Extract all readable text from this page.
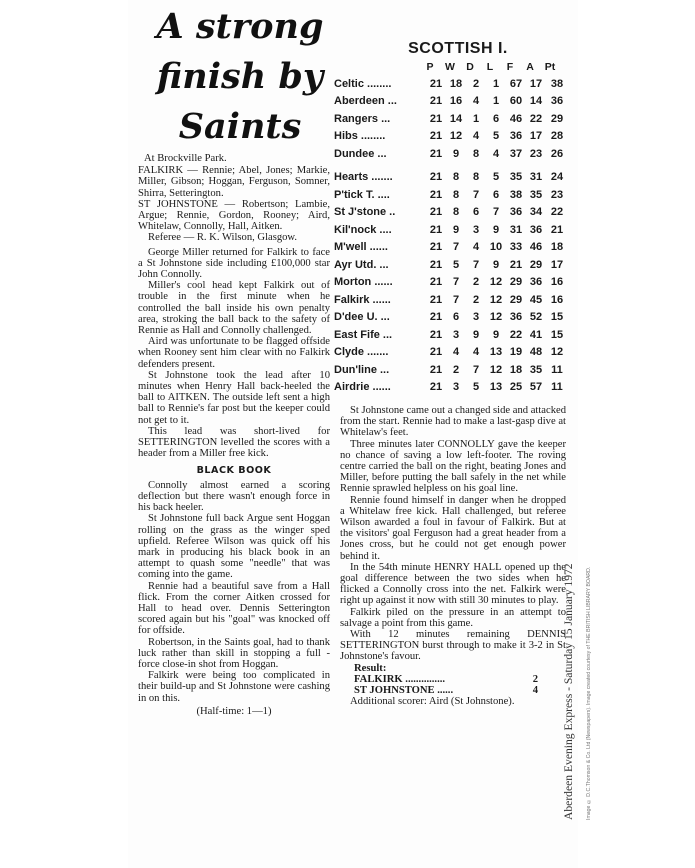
A strong finish by Saints

At Brockville Park.

FALKIRK — Rennie; Abel, Jones; Markie, Miller, Gibson; Hoggan, Ferguson, Somner, Shirra, Setterington.

ST JOHNSTONE — Robertson; Lambie, Argue; Rennie, Gordon, Rooney; Aird, Whitelaw, Connolly, Hall, Aitken.

Referee — R. K. Wilson, Glasgow.

George Miller returned for Falkirk to face a St Johnstone side including £100,000 star John Connolly.

Miller's cool head kept Falkirk out of trouble in the first minute when he controlled the ball inside his own penalty area, stroking the ball back to the safety of Rennie as Hall and Connolly challenged.

Aird was unfortunate to be flagged offside when Rooney sent him clear with no Falkirk defenders present.

St Johnstone took the lead after 10 minutes when Henry Hall back-heeled the ball to AITKEN. The outside left sent a high ball to Rennie's far post but the keeper could not get to it.

This lead was short-lived for SETTERINGTON levelled the scores with a header from a Miller free kick.

BLACK BOOK

Connolly almost earned a scoring deflection but there wasn't enough force in his back heeler.

St Johnstone full back Argue sent Hoggan rolling on the grass as the winger sped upfield. Referee Wilson was quick off his mark in producing his black book in an attempt to quash some "needle" that was coming into the game.

Rennie had a beautiful save from a Hall flick. From the corner Aitken crossed for Hall to head over. Dennis Setterington scored again but his "goal" was knocked off for offside.

Robertson, in the Saints goal, had to thank luck rather than skill in stopping a full - force close-in shot from Hoggan.

Falkirk were being too complicated in their build-up and St Johnstone were cashing in on this.

(Half-time: 1—1)

SCOTTISH I.
P	W	D	L	F	A	Pt
Celtic ........	21 18 2	1 67 17 38
Aberdeen ...	21 16 4	1 60 14 36
Rangers ...	21 14 1	6 46 22 29
Hibs ........	21 12 4	5 36 17 28
Dundee ...	21 9	8	4 37 23 26
Hearts .......	21 8	8	5 35 31 24
P'tick T. ....	21 8	7	6 38 35 23
St J'stone ..	21 8	6	7 36 34 22
Kil'nock ....	21 9	3	9 31 36 21
M'well ......	21 7	4 10 33 46 18
Ayr Utd. ...	21 5	7	9 21 29 17
Morton ......	21 7	2 12 29 36 16
Falkirk ......	21 7	2 12 29 45 16
D'dee U. ...	21 6	3 12 36 52 15
East Fife ...	21 3	9	9 22 41 15
Clyde .......	21 4	4 13 19 48 12
Dun'line ...	21 2	7 12 18 35 11
Airdrie ......	21 3	5 13 25 57 11

St Johnstone came out a changed side and attacked from the start. Rennie had to make a last-gasp dive at Whitelaw's feet.

Three minutes later CONNOLLY gave the keeper no chance of saving a low left-footer. The roving centre carried the ball on the right, beating Jones and Miller, before putting the ball safely in the net while Rennie sprawled helpless on his goal line.

Rennie found himself in danger when he dropped a Whitelaw free kick. Hall challenged, but referee Wilson awarded a foul in favour of Falkirk. But at the visitors' goal Ferguson had a great header from a Jones cross, but he could not get enough power behind it.

In the 54th minute HENRY HALL opened up the goal difference between the two sides when he flicked a Connolly cross into the net. Falkirk were right up against it now with still 30 minutes to play.

Falkirk piled on the pressure in an attempt to salvage a point from this game.

With 12 minutes remaining DENNIS SETTERINGTON burst through to make it 3-2 in St Johnstone's favour.

Result:

FALKIRK ...............	2

ST JOHNSTONE ......	4

Additional scorer: Aird (St Johnstone).	Aberdeen Evening Express - Saturday 15 January 1972	Image © D.C.Thomson & Co. Ltd (Newspapers). Image created courtesy of THE BRITISH LIBRARY BOARD.
